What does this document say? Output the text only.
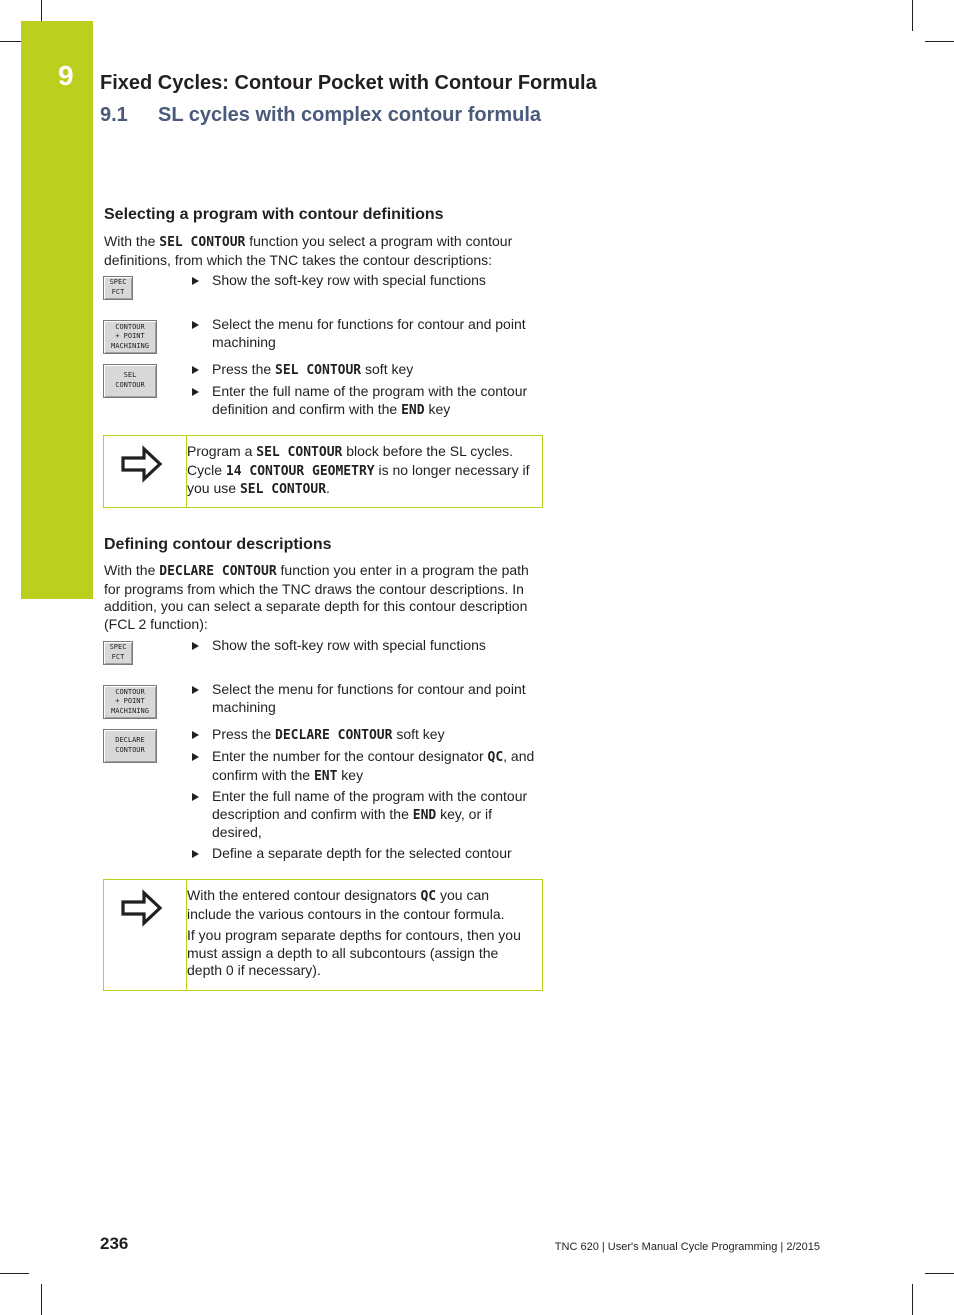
9 Fixed Cycles: Contour Pocket with Contour Formula
9.1 SL cycles with complex contour formula
Selecting a program with contour definitions
With the SEL CONTOUR function you select a program with contour definitions, from which the TNC takes the contour descriptions:
SPEC
FCT
Show the soft-key row with special functions
CONTOUR
+ POINT
MACHINING
Select the menu for functions for contour and point machining
SEL
CONTOUR
Press the SEL CONTOUR soft key
Enter the full name of the program with the contour definition and confirm with the END key
Program a SEL CONTOUR block before the SL cycles. Cycle 14 CONTOUR GEOMETRY is no longer necessary if you use SEL CONTOUR.
Defining contour descriptions
With the DECLARE CONTOUR function you enter in a program the path for programs from which the TNC draws the contour descriptions. In addition, you can select a separate depth for this contour description (FCL 2 function):
SPEC
FCT
Show the soft-key row with special functions
CONTOUR
+ POINT
MACHINING
Select the menu for functions for contour and point machining
DECLARE
CONTOUR
Press the DECLARE CONTOUR soft key
Enter the number for the contour designator QC, and confirm with the ENT key
Enter the full name of the program with the contour description and confirm with the END key, or if desired,
Define a separate depth for the selected contour
With the entered contour designators QC you can include the various contours in the contour formula.
If you program separate depths for contours, then you must assign a depth to all subcontours (assign the depth 0 if necessary).
236	TNC 620 | User's Manual Cycle Programming | 2/2015
